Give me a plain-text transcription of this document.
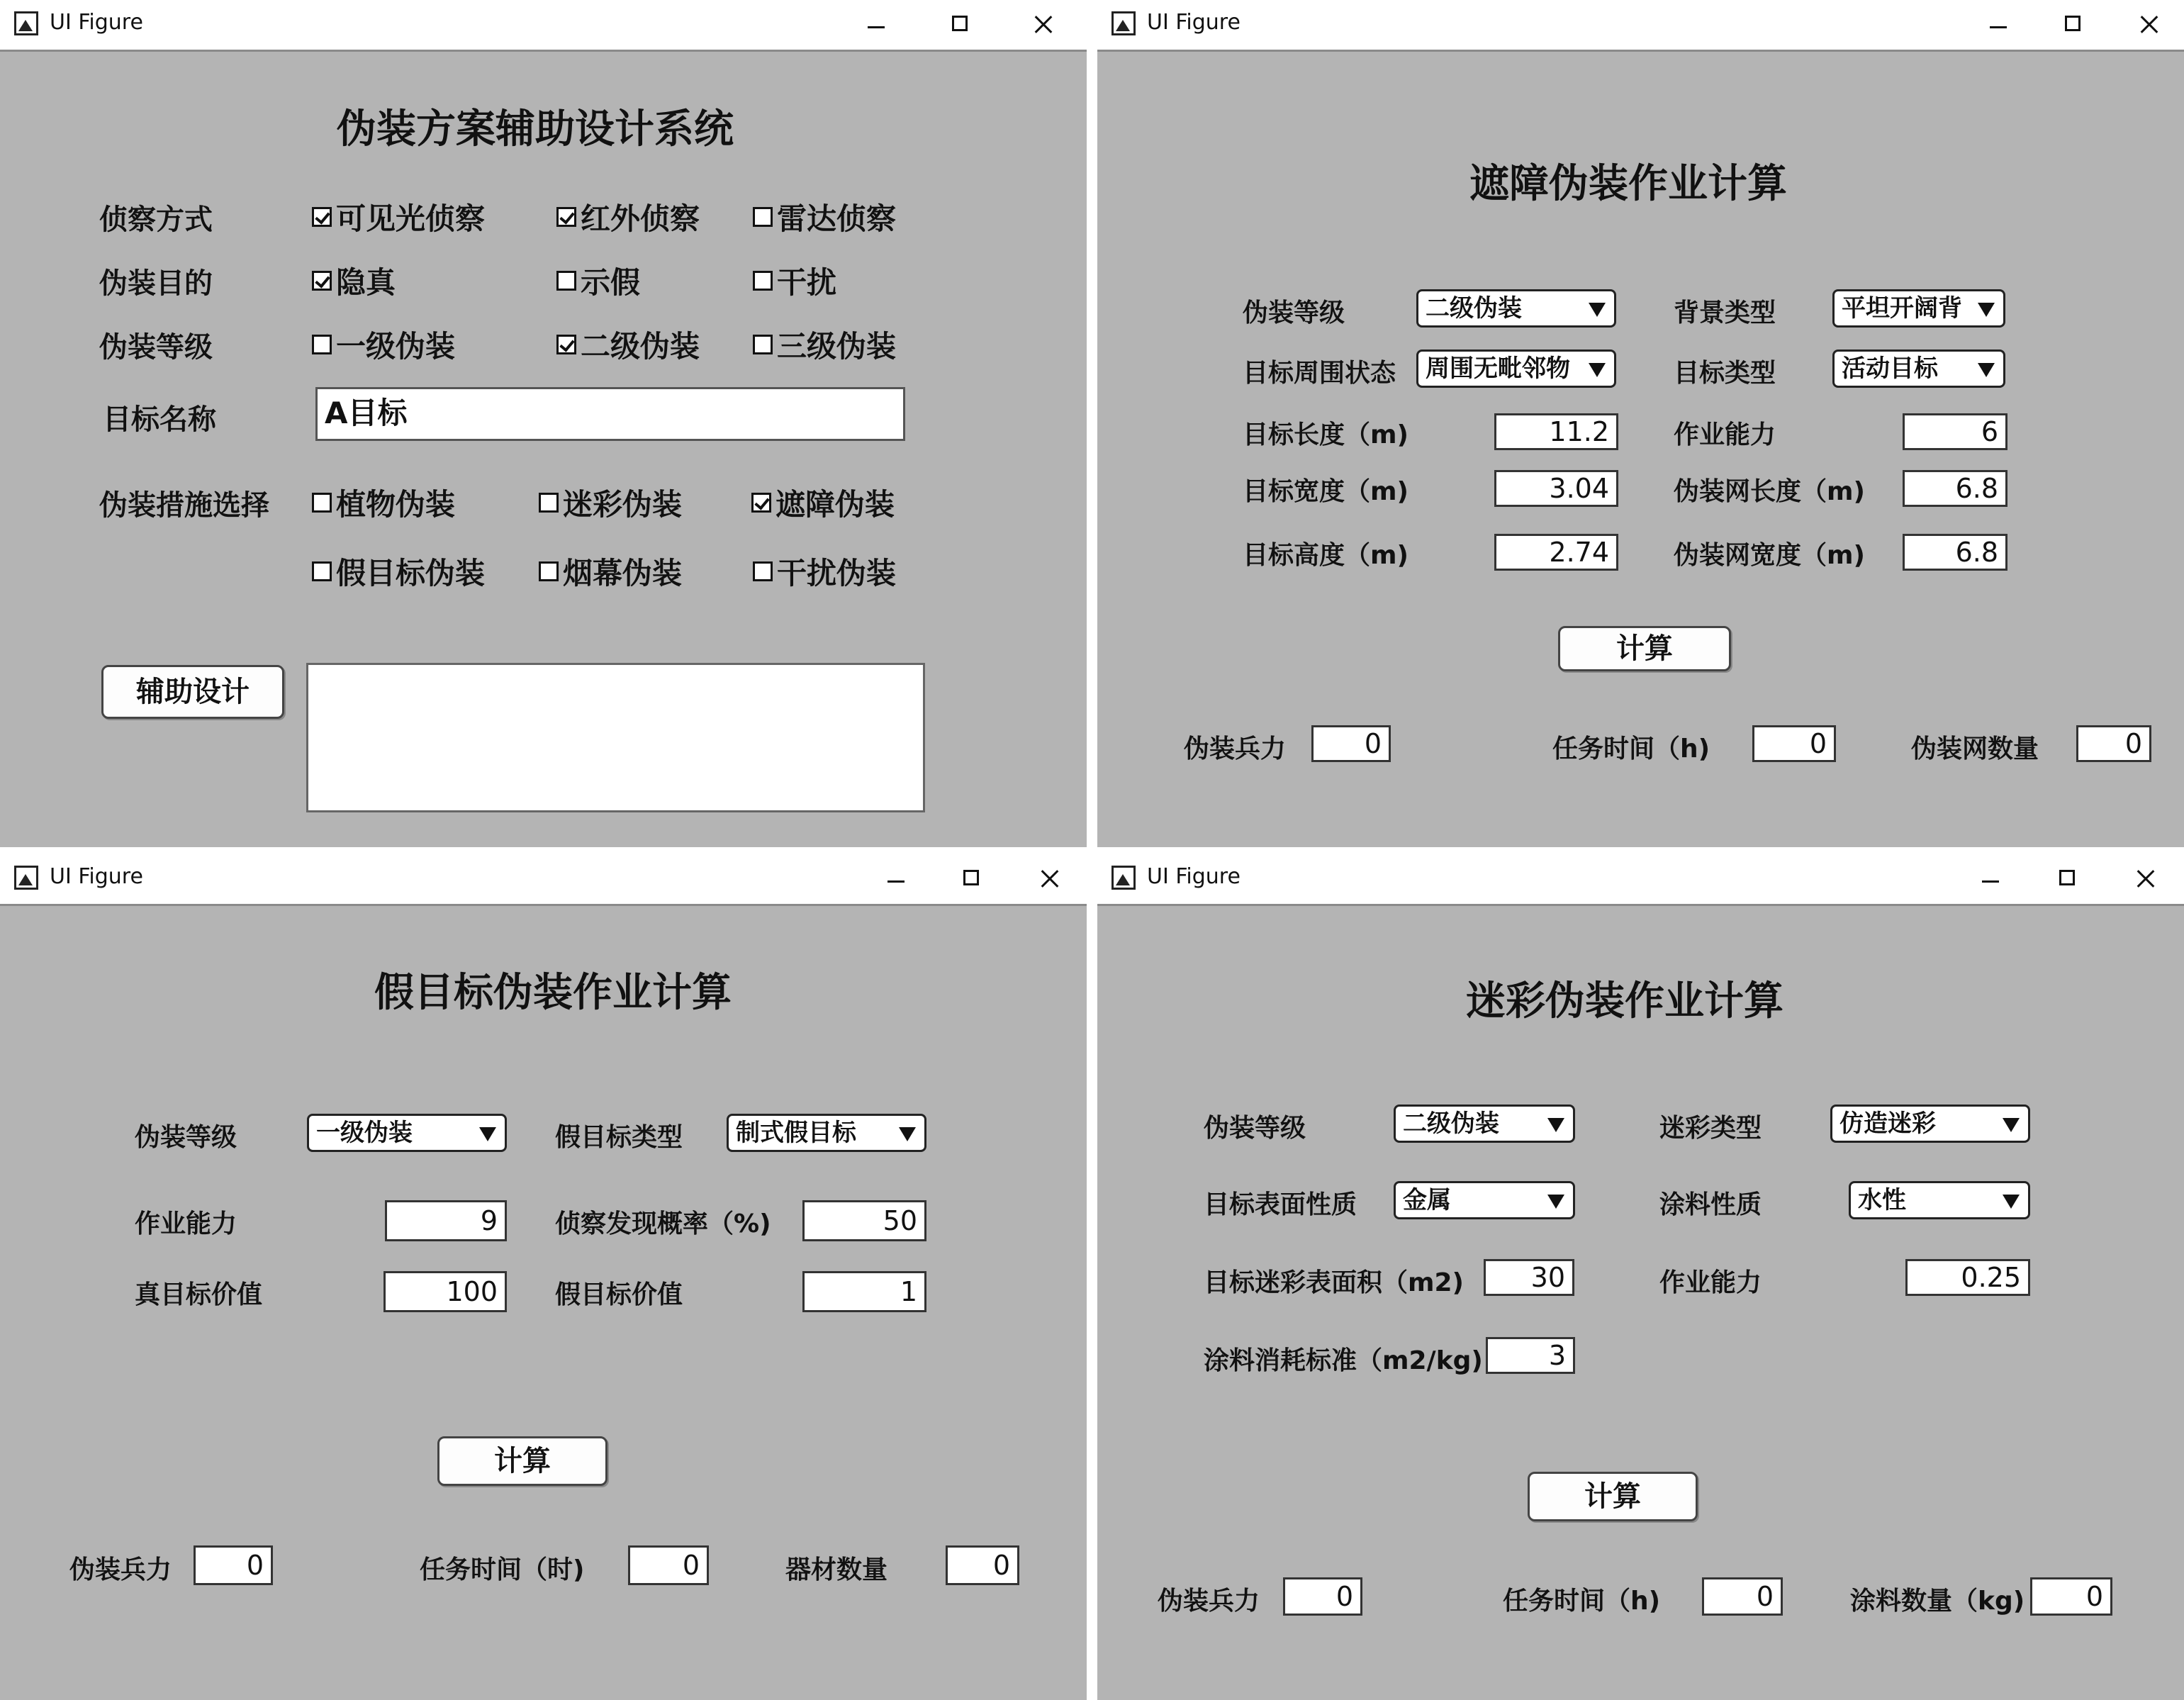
UI Figure
伪装方案辅助设计系统
侦察方式	可见光侦察	红外侦察	雷达侦察
伪装目的	隐真	示假	干扰
伪装等级	一级伪装	二级伪装	三级伪装
目标名称	A目标
伪装措施选择 植物伪装	迷彩伪装	遮障伪装
假目标伪装	烟幕伪装	干扰伪装
辅助设计
UI Figure
遮障伪装作业计算
伪装等级	二级伪装	背景类型	平坦开阔背
目标周围状态	周围无毗邻物	目标类型	活动目标
目标长度（m)	11.2	作业能力	6
目标宽度（m)	3.04	伪装网长度（m)	6.8
目标高度（m)	2.74	伪装网宽度（m)	6.8
计算
伪装兵力	0	任务时间（h)	0	伪装网数量	0
UI Figure
假目标伪装作业计算
伪装等级	一级伪装	假目标类型	制式假目标
作业能力	9	侦察发现概率（%)	50
真目标价值	100	假目标价值	1
计算
伪装兵力	0	任务时间（时)	0	器材数量	0
UI Figure
迷彩伪装作业计算
伪装等级	二级伪装	迷彩类型	仿造迷彩
目标表面性质	金属	涂料性质	水性
目标迷彩表面积（m2)	30	作业能力	0.25
涂料消耗标准（m2/kg)	3
计算
伪装兵力	0	任务时间（h)	0	涂料数量（kg)	0
